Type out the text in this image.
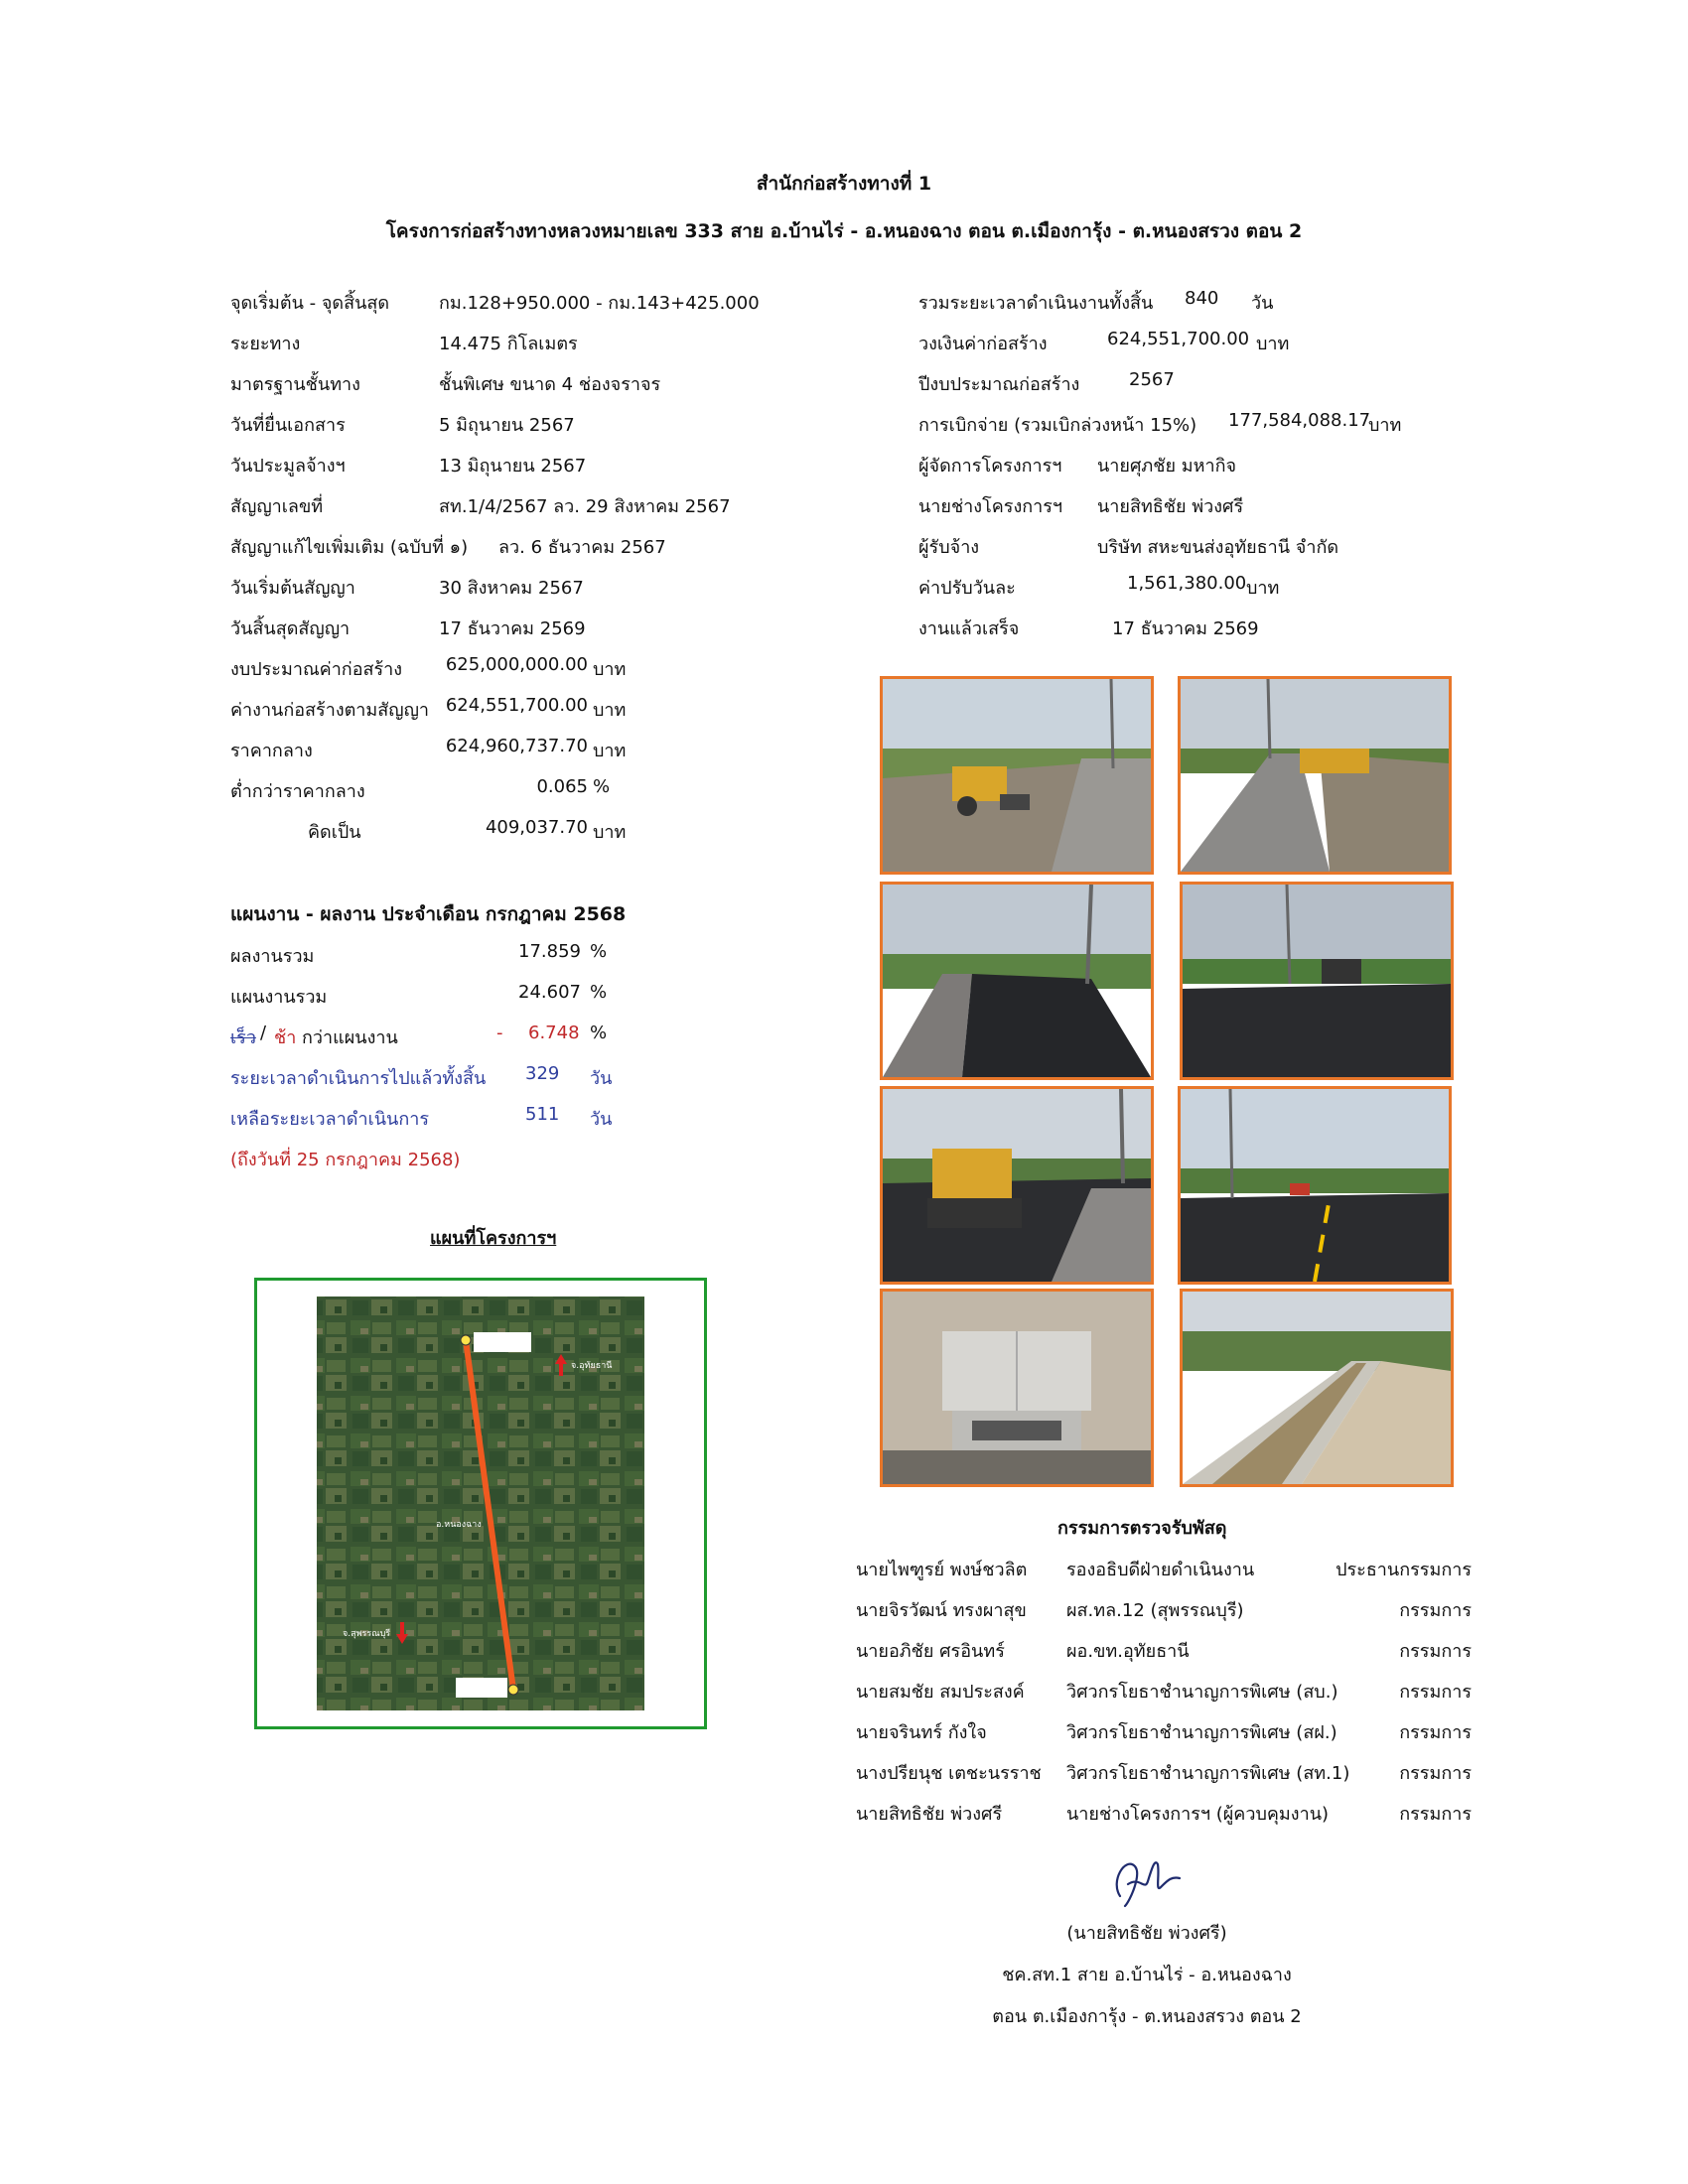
สำนักก่อสร้างทางที่ 1
โครงการก่อสร้างทางหลวงหมายเลข 333 สาย อ.บ้านไร่ - อ.หนองฉาง ตอน ต.เมืองการุ้ง - ต.หนองสรวง ตอน 2
จุดเริ่มต้น - จุดสิ้นสุด	กม.128+950.000 - กม.143+425.000
ระยะทาง	14.475 กิโลเมตร
มาตรฐานชั้นทาง	ชั้นพิเศษ ขนาด 4 ช่องจราจร
วันที่ยื่นเอกสาร	5 มิถุนายน 2567
วันประมูลจ้างฯ	13 มิถุนายน 2567
สัญญาเลขที่	สท.1/4/2567 ลว. 29 สิงหาคม 2567
สัญญาแก้ไขเพิ่มเติม (ฉบับที่ ๑) ลว. 6 ธันวาคม 2567
วันเริ่มต้นสัญญา	30 สิงหาคม 2567
วันสิ้นสุดสัญญา	17 ธันวาคม 2569
งบประมาณค่าก่อสร้าง 625,000,000.00 บาท
ค่างานก่อสร้างตามสัญญา 624,551,700.00 บาท
ราคากลาง	624,960,737.70 บาท
ต่ำกว่าราคากลาง	0.065 %
คิดเป็น	409,037.70 บาท
รวมระยะเวลาดำเนินงานทั้งสิ้น 840 วัน
วงเงินค่าก่อสร้าง	624,551,700.00 บาท
ปีงบประมาณก่อสร้าง	2567
การเบิกจ่าย (รวมเบิกล่วงหน้า 15%) 177,584,088.17
บาท
ผู้จัดการโครงการฯ นายศุภชัย มหากิจ
นายช่างโครงการฯ นายสิทธิชัย พ่วงศรี
ผู้รับจ้าง	บริษัท สหะขนส่งอุทัยธานี จำกัด
ค่าปรับวันละ	1,561,380.00 บาท
งานแล้วเสร็จ	17 ธันวาคม 2569
แผนงาน - ผลงาน ประจำเดือน กรกฎาคม 2568
ผลงานรวม	17.859 %
แผนงานรวม	24.607 %
เร็ว / ช้า กว่าแผนงาน	- 6.748 %
ระยะเวลาดำเนินการไปแล้วทั้งสิ้น 329 วัน
เหลือระยะเวลาดำเนินการ	511 วัน
(ถึงวันที่ 25 กรกฎาคม 2568)
แผนที่โครงการฯ
จ.อุทัยธานี
อ.หนองฉาง
จ.สุพรรณบุรี
กรรมการตรวจรับพัสดุ
นายไพฑูรย์ พงษ์ชวลิต รองอธิบดีฝ่ายดำเนินงาน	ประธานกรรมการ
นายจิรวัฒน์ ทรงผาสุข ผส.ทล.12 (สุพรรณบุรี)	กรรมการ
นายอภิชัย ศรอินทร์	ผอ.ขท.อุทัยธานี	กรรมการ
นายสมชัย สมประสงค์ วิศวกรโยธาชำนาญการพิเศษ (สบ.)	กรรมการ
นายจรินทร์ กังใจ	วิศวกรโยธาชำนาญการพิเศษ (สฝ.)	กรรมการ
นางปรียนุช เตชะนรราช วิศวกรโยธาชำนาญการพิเศษ (สท.1)	กรรมการ
นายสิทธิชัย พ่วงศรี	นายช่างโครงการฯ (ผู้ควบคุมงาน)	กรรมการ
(นายสิทธิชัย พ่วงศรี)
ชค.สท.1 สาย อ.บ้านไร่ - อ.หนองฉาง
ตอน ต.เมืองการุ้ง - ต.หนองสรวง ตอน 2
